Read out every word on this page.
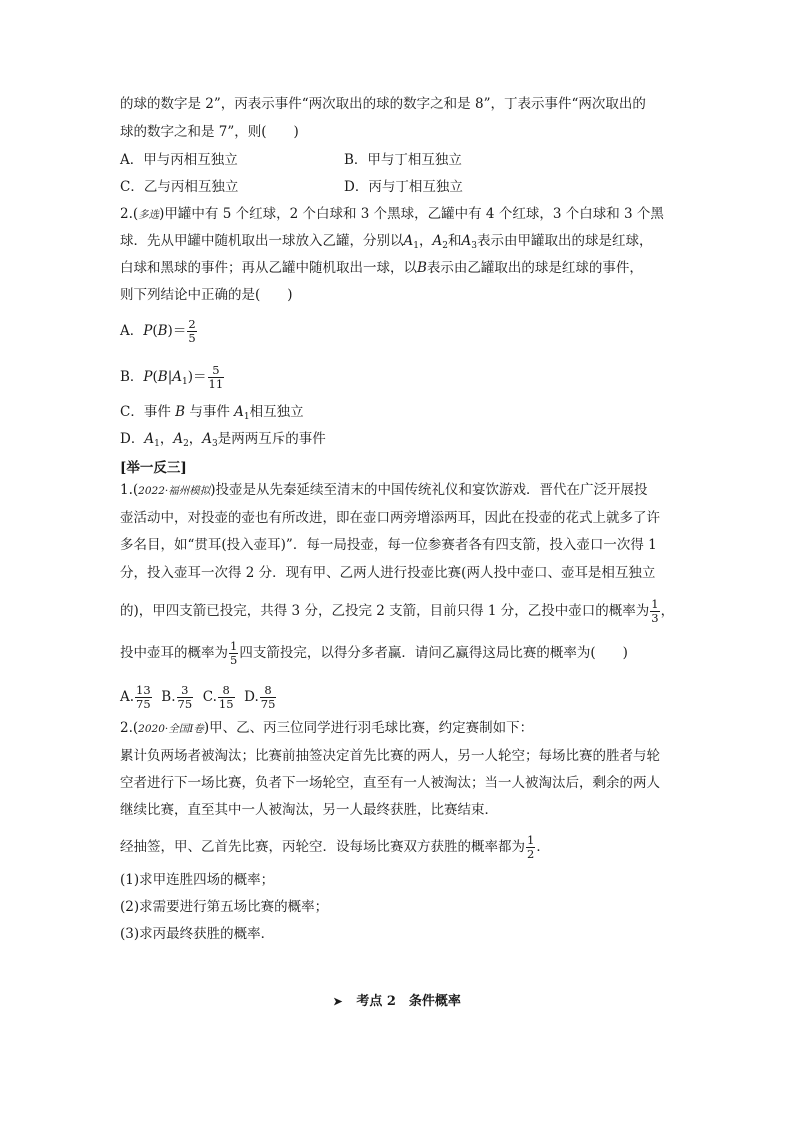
的球的数字是 2”，丙表示事件“两次取出的球的数字之和是 8”，丁表示事件“两次取出的
球的数字之和是 7”，则(　　)
A．甲与丙相互独立	B．甲与丁相互独立
C．乙与丙相互独立	D．丙与丁相互独立
2.(多选)甲罐中有 5 个红球，2 个白球和 3 个黑球，乙罐中有 4 个红球，3 个白球和 3 个黑
球．先从甲罐中随机取出一球放入乙罐，分别以$A_1$，$A_2$和$A_3$表示由甲罐取出的球是红球，
白球和黑球的事件；再从乙罐中随机取出一球，以B表示由乙罐取出的球是红球的事件，
则下列结论中正确的是(　　)
A．$P(B)= \frac{2}{5}$
B．$P(B|A_1)= \frac{5}{11}$
C．事件 B 与事件 $A_1$相互独立
D．$A_1$，$A_2$，$A_3$是两两互斥的事件
[举一反三]
1.(2022·福州模拟)投壶是从先秦延续至清末的中国传统礼仪和宴饮游戏．晋代在广泛开展投
壶活动中，对投壶的壶也有所改进，即在壶口两旁增添两耳，因此在投壶的花式上就多了许
多名目，如“贯耳(投入壶耳)”．每一局投壶，每一位参赛者各有四支箭，投入壶口一次得 1
分，投入壶耳一次得 2 分．现有甲、乙两人进行投壶比赛(两人投中壶口、壶耳是相互独立
的)，甲四支箭已投完，共得 3 分，乙投完 2 支箭，目前只得 1 分，乙投中壶口的概率为 $\frac{1}{3}$ ，
投中壶耳的概率为 $\frac{1}{5}$ 四支箭投完，以得分多者赢．请问乙赢得这局比赛的概率为(　　)
A. $\frac{13}{75} B$. $\frac{3}{75} C$. $\frac{8}{15} D$. $\frac{8}{75}$
2.(2020·全国Ⅰ卷)甲、乙、丙三位同学进行羽毛球比赛，约定赛制如下：
累计负两场者被淘汰；比赛前抽签决定首先比赛的两人，另一人轮空；每场比赛的胜者与轮
空者进行下一场比赛，负者下一场轮空，直至有一人被淘汰；当一人被淘汰后，剩余的两人
继续比赛，直至其中一人被淘汰，另一人最终获胜，比赛结束．
经抽签，甲、乙首先比赛，丙轮空．设每场比赛双方获胜的概率都为 $\frac{1}{2}$ ．
(1)求甲连胜四场的概率；
(2)求需要进行第五场比赛的概率；
(3)求丙最终获胜的概率．
➤ 考点 2　条件概率
